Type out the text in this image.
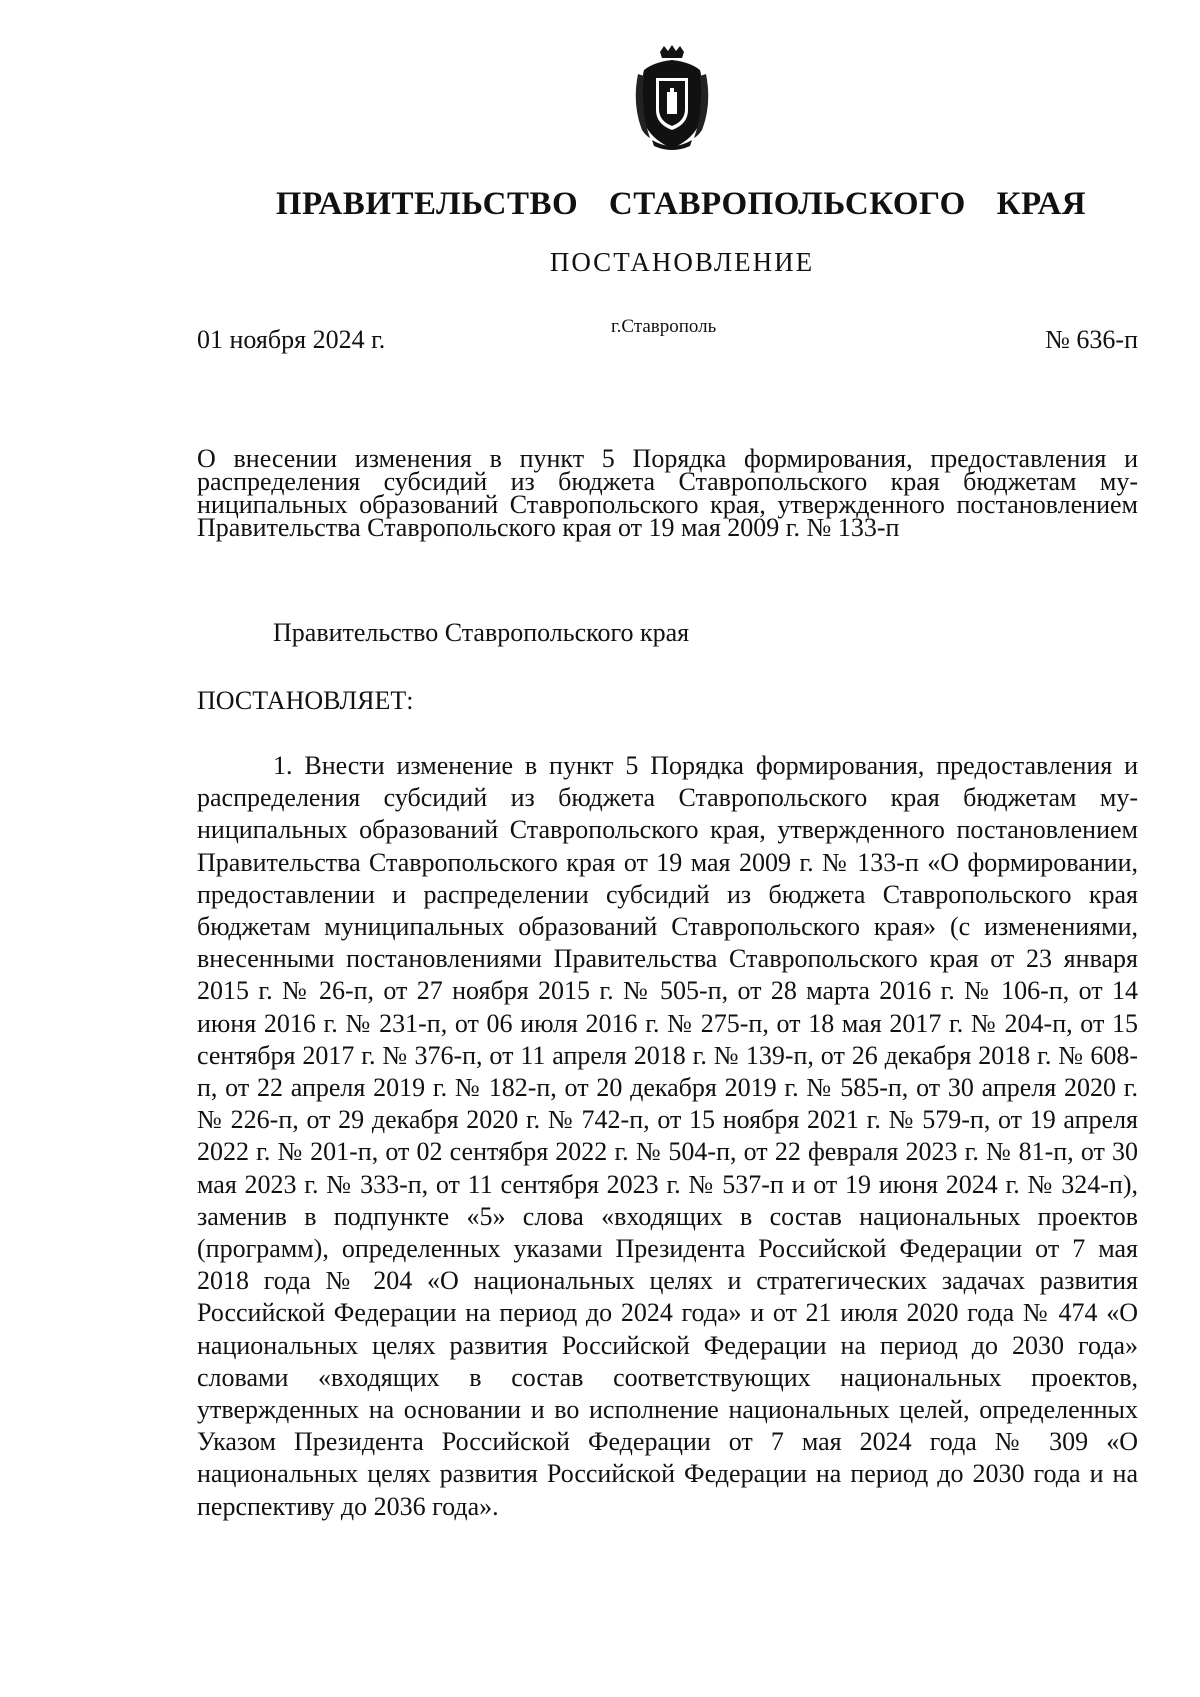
ПРАВИТЕЛЬСТВО СТАВРОПОЛЬСКОГО КРАЯ
ПОСТАНОВЛЕНИЕ
01 ноября 2024 г.	г.Ставрополь	№ 636-п
О внесении изменения в пункт 5 Порядка формирования, предоставления и распределения субсидий из бюджета Ставропольского края бюджетам муниципальных образований Ставропольского края, утвержденного постановлением Правительства Ставропольского края от 19 мая 2009 г. № 133-п
Правительство Ставропольского края
ПОСТАНОВЛЯЕТ:
1. Внести изменение в пункт 5 Порядка формирования, предоставления и распределения субсидий из бюджета Ставропольского края бюджетам муниципальных образований Ставропольского края, утвержденного постановлением Правительства Ставропольского края от 19 мая 2009 г. № 133-п «О формировании, предоставлении и распределении субсидий из бюджета Ставропольского края бюджетам муниципальных образований Ставропольского края» (с изменениями, внесенными постановлениями Правительства Ставропольского края от 23 января 2015 г. № 26-п, от 27 ноября 2015 г. № 505-п, от 28 марта 2016 г. № 106-п, от 14 июня 2016 г. № 231-п, от 06 июля 2016 г. № 275-п, от 18 мая 2017 г. № 204-п, от 15 сентября 2017 г. № 376-п, от 11 апреля 2018 г. № 139-п, от 26 декабря 2018 г. № 608-п, от 22 апреля 2019 г. № 182-п, от 20 декабря 2019 г. № 585-п, от 30 апреля 2020 г. № 226-п, от 29 декабря 2020 г. № 742-п, от 15 ноября 2021 г. № 579-п, от 19 апреля 2022 г. № 201-п, от 02 сентября 2022 г. № 504-п, от 22 февраля 2023 г. № 81-п, от 30 мая 2023 г. № 333-п, от 11 сентября 2023 г. № 537-п и от 19 июня 2024 г. № 324-п), заменив в подпункте «5» слова «входящих в состав национальных проектов (программ), определенных указами Президента Российской Федерации от 7 мая 2018 года № 204 «О национальных целях и стратегических задачах развития Российской Федерации на период до 2024 года» и от 21 июля 2020 года № 474 «О национальных целях развития Российской Федерации на период до 2030 года» словами «входящих в состав соответствующих национальных проектов, утвержденных на основании и во исполнение национальных целей, определенных Указом Президента Российской Федерации от 7 мая 2024 года № 309 «О национальных целях развития Российской Федерации на период до 2030 года и на перспективу до 2036 года».
